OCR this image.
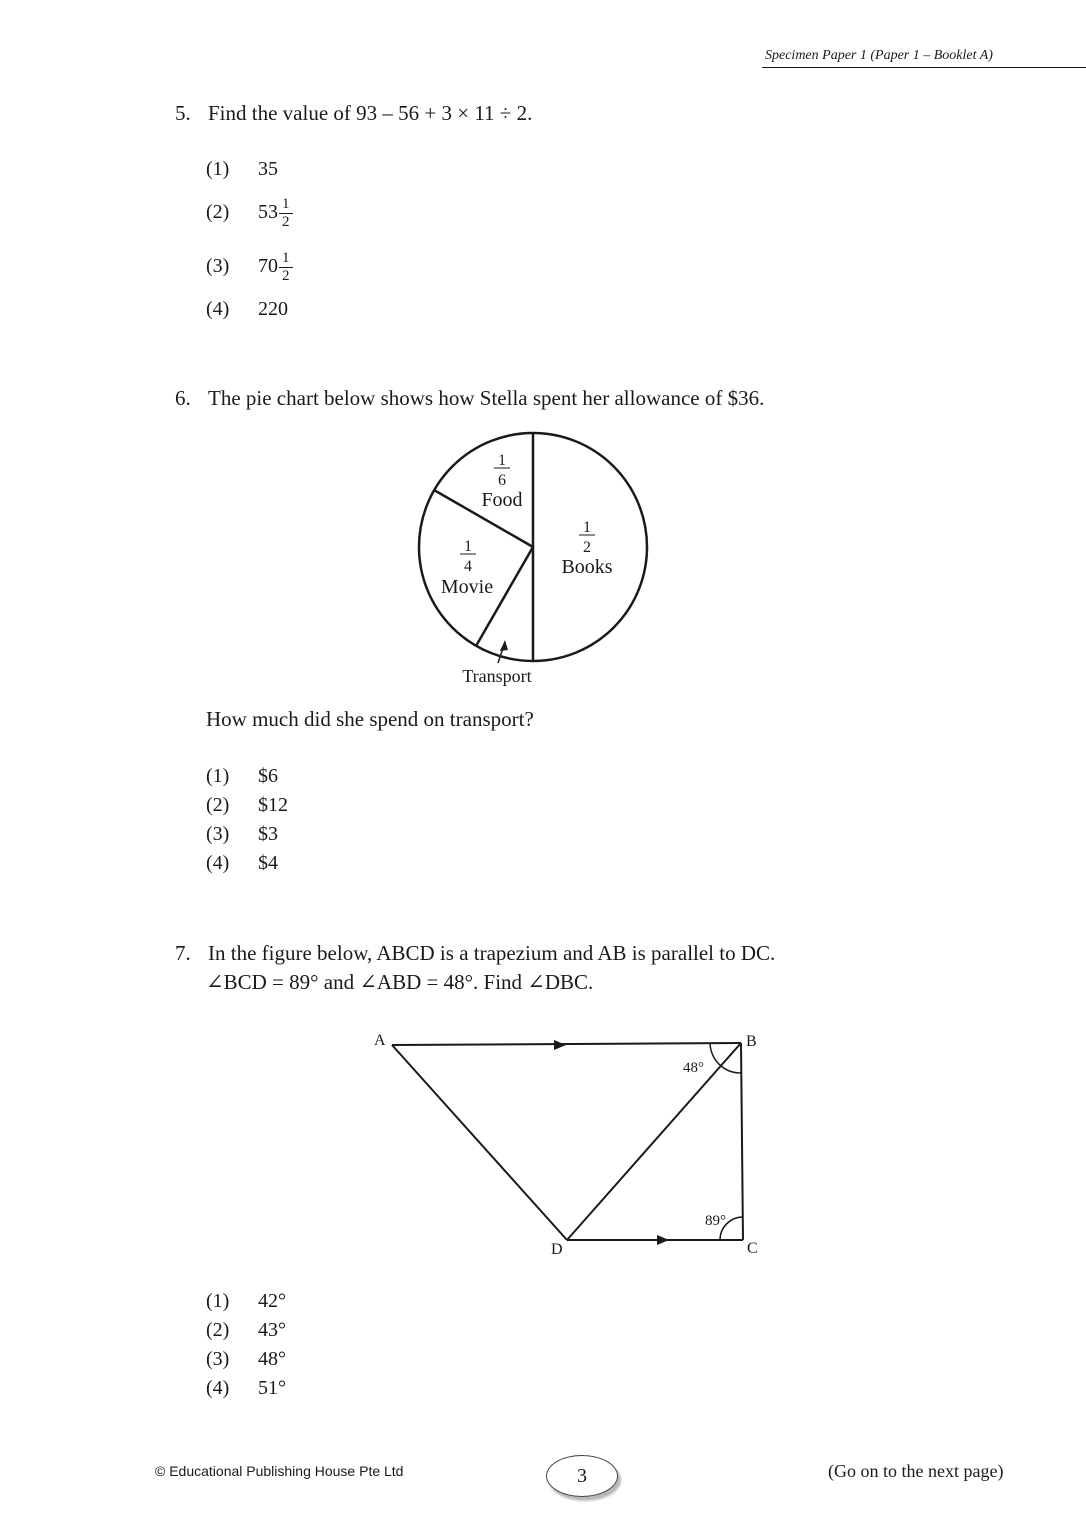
Specimen Paper 1 (Paper 1 – Booklet A)
5. Find the value of 93 – 56 + 3 × 11 ÷ 2.
(1) 35
(2) $53 \frac{1}{2}$
(3) $70 \frac{1}{2}$
(4) 220
6. The pie chart below shows how Stella spent her allowance of $36.
1
6
Food
1
2
Books
1
4
Movie
Transport
How much did she spend on transport?
(1) $6
(2) $12
(3) $3
(4) $4
7. In the figure below, ABCD is a trapezium and AB is parallel to DC.
∠BCD = 89° and ∠ABD = 48°. Find ∠DBC.
A	B
C
D
48°
89°
(1) 42°
(2) 43°
(3) 48°
(4) 51°
© Educational Publishing House Pte Ltd	3	(Go on to the next page)
